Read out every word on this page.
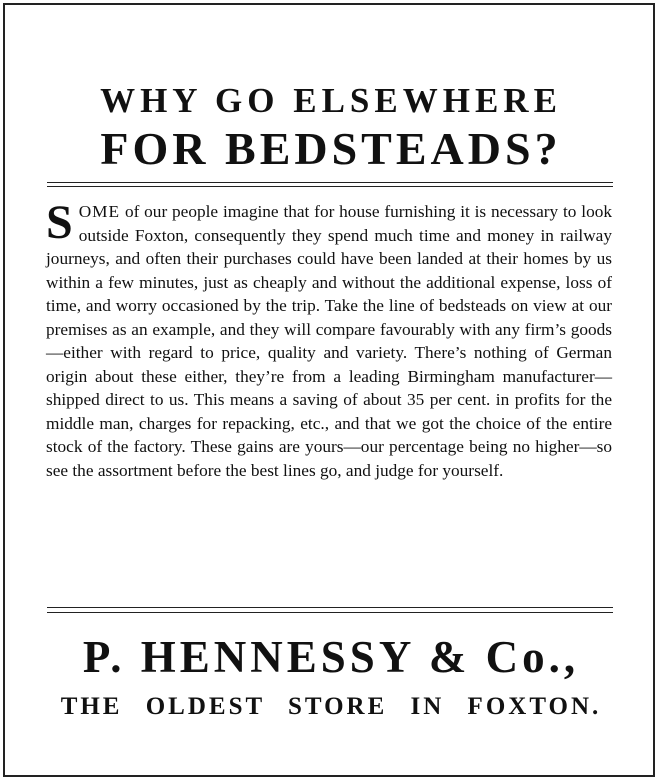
WHY GO ELSEWHERE
FOR BEDSTEADS?

SOME of our people imagine that for house furnishing it is necessary to look outside Foxton, consequently they spend much time and money in railway journeys, and often their purchases could have been landed at their homes by us within a few minutes, just as cheaply and without the additional expense, loss of time, and worry occasioned by the trip. Take the line of bedsteads on view at our premises as an example, and they will compare favourably with any firm’s goods—either with regard to price, quality and variety. There’s nothing of German origin about these either, they’re from a leading Birmingham manufacturer—shipped direct to us. This means a saving of about 35 per cent. in profits for the middle man, charges for repacking, etc., and that we got the choice of the entire stock of the factory. These gains are yours—our percentage being no higher—so see the assortment before the best lines go, and judge for yourself.

P. HENNESSY & Co.,
THE OLDEST STORE IN FOXTON.
